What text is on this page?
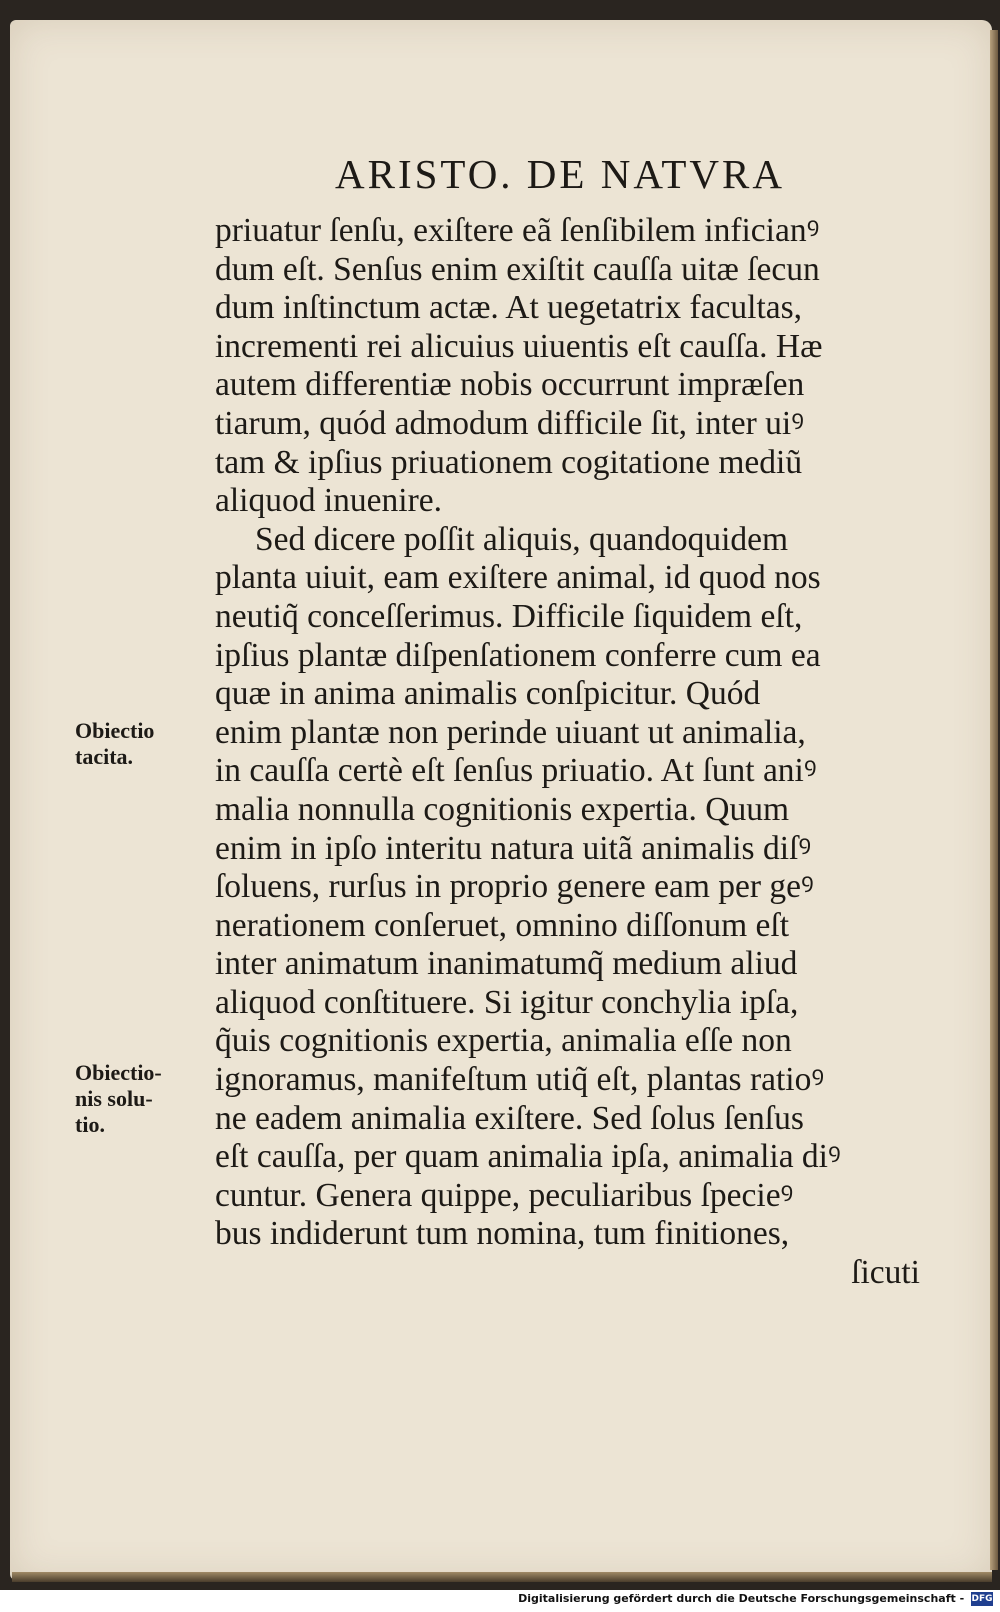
ARISTO. DE NATVRA
priuatur ſenſu, exiſtere eã ſenſibilem inficianꝰ
dum eſt. Senſus enim exiſtit cauſſa uitæ ſecun
dum inſtinctum actæ. At uegetatrix facultas,
incrementi rei alicuius uiuentis eſt cauſſa. Hæ
autem differentiæ nobis occurrunt impræſen
tiarum, quód admodum difficile ſit, inter uiꝰ
tam & ipſius priuationem cogitatione mediũ
aliquod inuenire.
Sed dicere poſſit aliquis, quandoquidem
planta uiuit, eam exiſtere animal, id quod nos
neutiq̃ conceſſerimus. Difficile ſiquidem eſt,
ipſius plantæ diſpenſationem conferre cum ea
quæ in anima animalis conſpicitur. Quód
enim plantæ non perinde uiuant ut animalia,
in cauſſa certè eſt ſenſus priuatio. At ſunt aniꝰ
malia nonnulla cognitionis expertia. Quum
enim in ipſo interitu natura uitã animalis diſꝰ
ſoluens, rurſus in proprio genere eam per geꝰ
nerationem conſeruet, omnino diſſonum eſt
inter animatum inanimatumq̃ medium aliud
aliquod conſtituere. Si igitur conchylia ipſa,
q̃uis cognitionis expertia, animalia eſſe non
ignoramus, manifeſtum utiq̃ eſt, plantas ratioꝰ
ne eadem animalia exiſtere. Sed ſolus ſenſus
eſt cauſſa, per quam animalia ipſa, animalia diꝰ
cuntur. Genera quippe, peculiaribus ſpecieꝰ
bus indiderunt tum nomina, tum finitiones,
ſicuti
Obiectio
tacita.
Obiectio-
nis solu-
tio.
Digitalisierung gefördert durch die Deutsche Forschungsgemeinschaft - DFG
